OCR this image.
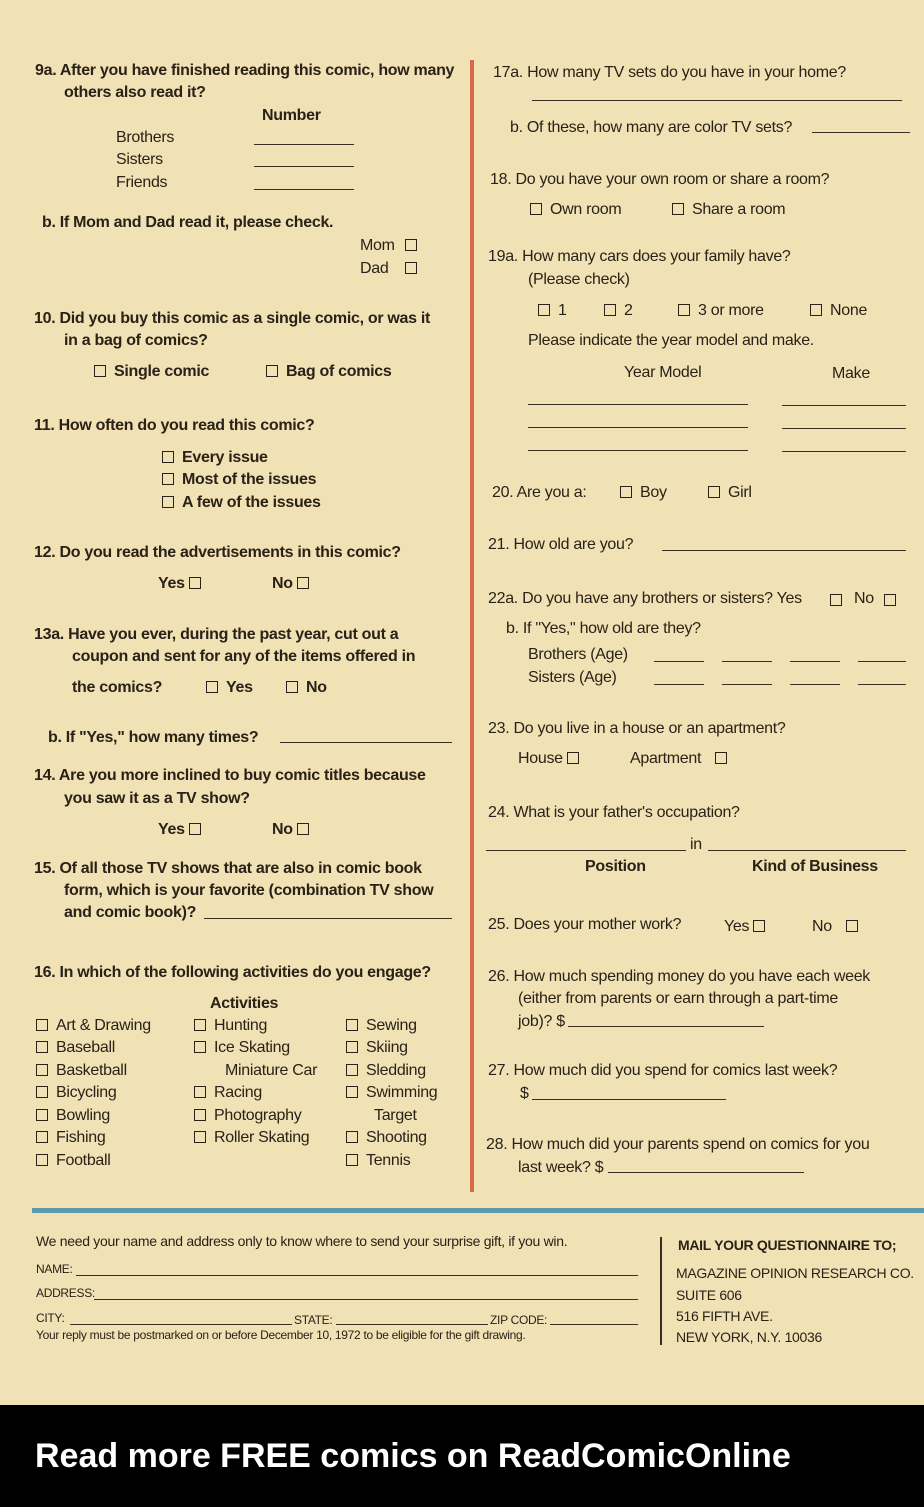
9a. After you have finished reading this comic, how many
others also read it?
Number
Brothers
Sisters
Friends
b. If Mom and Dad read it, please check.
Mom
Dad
10. Did you buy this comic as a single comic, or was it
in a bag of comics?
Single comic	Bag of comics
11. How often do you read this comic?
Every issue
Most of the issues
A few of the issues
12. Do you read the advertisements in this comic?
Yes	No
13a. Have you ever, during the past year, cut out a
coupon and sent for any of the items offered in
the comics?	Yes	No
b. If "Yes," how many times?
14. Are you more inclined to buy comic titles because
you saw it as a TV show?
Yes	No
15. Of all those TV shows that are also in comic book
form, which is your favorite (combination TV show
and comic book)?
16. In which of the following activities do you engage?
Activities
Art & Drawing
Baseball
Basketball
Bicycling
Bowling
Fishing
Football
Hunting
Ice Skating
Miniature Car
Racing
Photography
Roller Skating
Sewing
Skiing
Sledding
Swimming
Target
Shooting
Tennis
17a. How many TV sets do you have in your home?
b. Of these, how many are color TV sets?
18. Do you have your own room or share a room?
Own room	Share a room
19a. How many cars does your family have?
(Please check)
1	2	3 or more	None
Please indicate the year model and make.
Year Model	Make
20. Are you a:	Boy	Girl
21. How old are you?
22a. Do you have any brothers or sisters? Yes	No
b. If "Yes," how old are they?
Brothers (Age)
Sisters (Age)
23. Do you live in a house or an apartment?
House	Apartment
24. What is your father's occupation?
in
Position	Kind of Business
25. Does your mother work?	Yes	No
26. How much spending money do you have each week
(either from parents or earn through a part-time
job)? $
27. How much did you spend for comics last week?
$
28. How much did your parents spend on comics for you
last week? $
We need your name and address only to know where to send your surprise gift, if you win.
NAME:
ADDRESS:
CITY:	STATE:	ZIP CODE:
Your reply must be postmarked on or before December 10, 1972 to be eligible for the gift drawing.
MAIL YOUR QUESTIONNAIRE TO;
MAGAZINE OPINION RESEARCH CO.
SUITE 606
516 FIFTH AVE.
NEW YORK, N.Y. 10036
Read more FREE comics on ReadComicOnline
